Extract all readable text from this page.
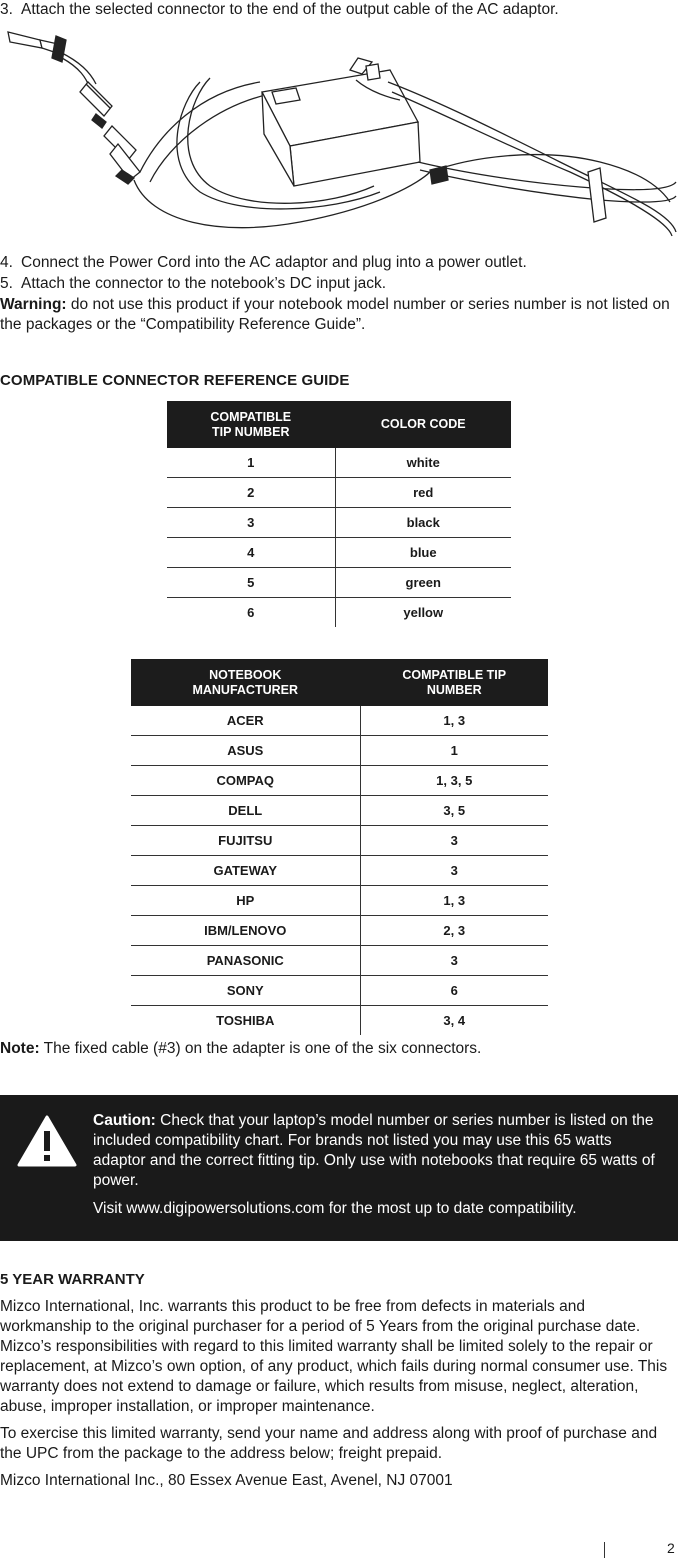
3. Attach the selected connector to the end of the output cable of the AC adaptor.
4. Connect the Power Cord into the AC adaptor and plug into a power outlet.
5. Attach the connector to the notebook’s DC input jack.
Warning: do not use this product if your notebook model number or series number is not listed on the packages or the “Compatibility Reference Guide”.
COMPATIBLE CONNECTOR REFERENCE GUIDE
COMPATIBLE TIP NUMBER	COLOR CODE
1	white
2	red
3	black
4	blue
5	green
6	yellow
NOTEBOOK MANUFACTURER	COMPATIBLE TIP NUMBER
ACER	1, 3
ASUS	1
COMPAQ	1, 3, 5
DELL	3, 5
FUJITSU	3
GATEWAY	3
HP	1, 3
IBM/LENOVO	2, 3
PANASONIC	3
SONY	6
TOSHIBA	3, 4
Note: The fixed cable (#3) on the adapter is one of the six connectors.

Caution: Check that your laptop’s model number or series number is listed on the included compatibility chart. For brands not listed you may use this 65 watts adaptor and the correct fitting tip. Only use with notebooks that require 65 watts of power.

Visit www.digipowersolutions.com for the most up to date compatibility.

5 YEAR WARRANTY

Mizco International, Inc. warrants this product to be free from defects in materials and workmanship to the original purchaser for a period of 5 Years from the original purchase date. Mizco’s responsibilities with regard to this limited warranty shall be limited solely to the repair or replacement, at Mizco’s own option, of any product, which fails during normal consumer use. This warranty does not extend to damage or failure, which results from misuse, neglect, alteration, abuse, improper installation, or improper maintenance.

To exercise this limited warranty, send your name and address along with proof of purchase and the UPC from the package to the address below; freight prepaid.

Mizco International Inc., 80 Essex Avenue East, Avenel, NJ 07001

2
